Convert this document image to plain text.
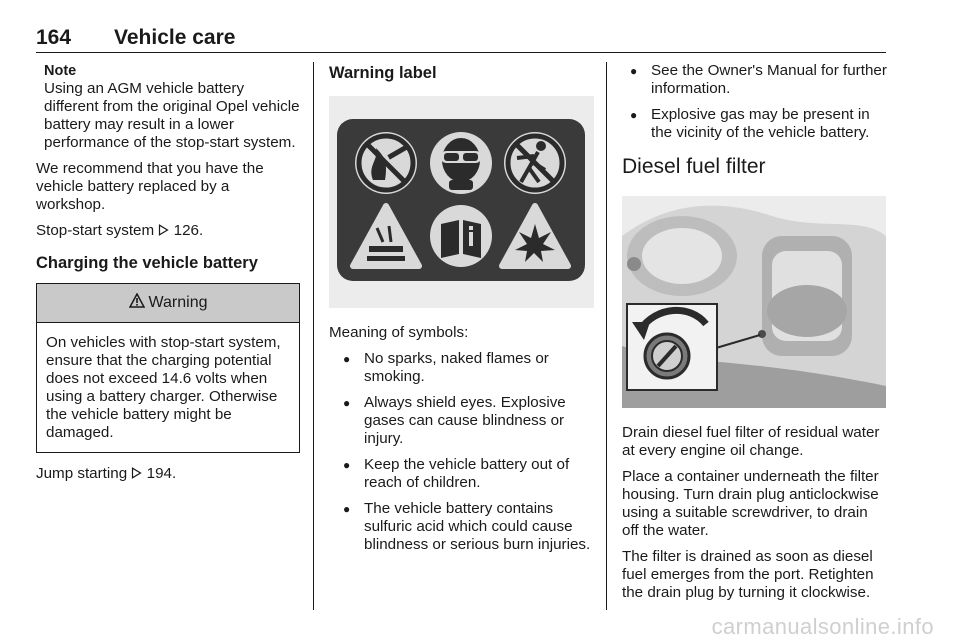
164 Vehicle care
Note
Using an AGM vehicle battery different from the original Opel vehicle battery may result in a lower performance of the stop-start system.

We recommend that you have the vehicle battery replaced by a workshop.

Stop-start system 126.

Charging the vehicle battery
Warning
On vehicles with stop-start system, ensure that the charging potential does not exceed 14.6 volts when using a battery charger. Otherwise the vehicle battery might be damaged.

Jump starting 194.

Warning label

Meaning of symbols:

● No sparks, naked flames or smoking.
● Always shield eyes. Explosive gases can cause blindness or injury.
● Keep the vehicle battery out of reach of children.
● The vehicle battery contains sulfuric acid which could cause blindness or serious burn injuries.
● See the Owner's Manual for further information.
● Explosive gas may be present in the vicinity of the vehicle battery.
Diesel fuel filter

Drain diesel fuel filter of residual water at every engine oil change.

Place a container underneath the filter housing. Turn drain plug anticlockwise using a suitable screwdriver, to drain off the water.

The filter is drained as soon as diesel fuel emerges from the port. Retighten the drain plug by turning it clockwise.

carmanualsonline.info
